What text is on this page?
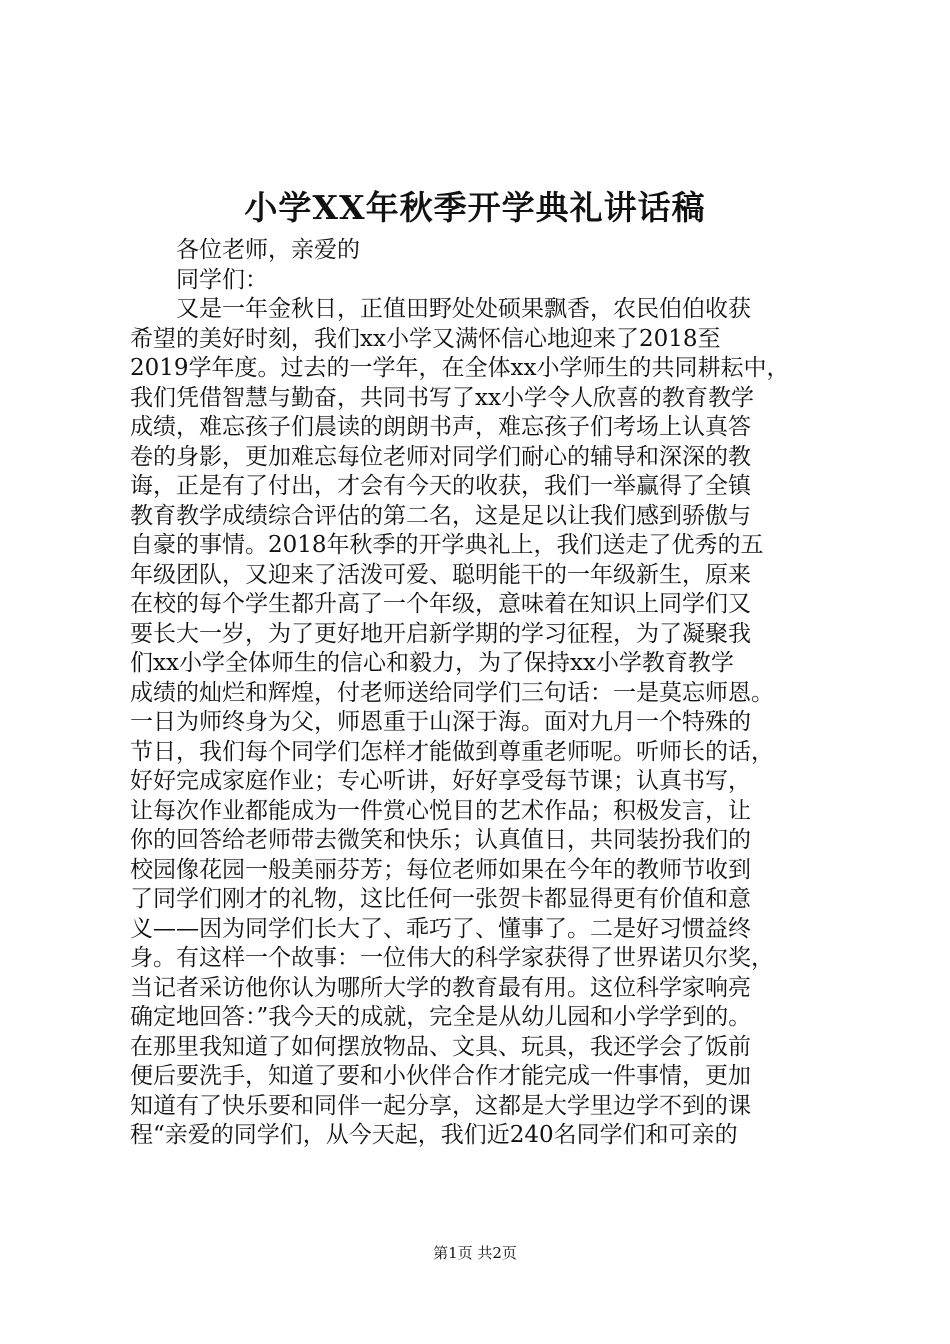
小学XX年秋季开学典礼讲话稿
各位老师，亲爱的
同学们：
又是一年金秋日，正值田野处处硕果飘香，农民伯伯收获
希望的美好时刻，我们xx小学又满怀信心地迎来了2018至
2019学年度。过去的一学年，在全体xx小学师生的共同耕耘中，
我们凭借智慧与勤奋，共同书写了xx小学令人欣喜的教育教学
成绩，难忘孩子们晨读的朗朗书声，难忘孩子们考场上认真答
卷的身影，更加难忘每位老师对同学们耐心的辅导和深深的教
诲，正是有了付出，才会有今天的收获，我们一举赢得了全镇
教育教学成绩综合评估的第二名，这是足以让我们感到骄傲与
自豪的事情。2018年秋季的开学典礼上，我们送走了优秀的五
年级团队，又迎来了活泼可爱、聪明能干的一年级新生，原来
在校的每个学生都升高了一个年级，意味着在知识上同学们又
要长大一岁，为了更好地开启新学期的学习征程，为了凝聚我
们xx小学全体师生的信心和毅力，为了保持xx小学教育教学
成绩的灿烂和辉煌，付老师送给同学们三句话：一是莫忘师恩。
一日为师终身为父，师恩重于山深于海。面对九月一个特殊的
节日，我们每个同学们怎样才能做到尊重老师呢。听师长的话，
好好完成家庭作业；专心听讲，好好享受每节课；认真书写，
让每次作业都能成为一件赏心悦目的艺术作品；积极发言，让
你的回答给老师带去微笑和快乐；认真值日，共同装扮我们的
校园像花园一般美丽芬芳；每位老师如果在今年的教师节收到
了同学们刚才的礼物，这比任何一张贺卡都显得更有价值和意
义——因为同学们长大了、乖巧了、懂事了。二是好习惯益终
身。有这样一个故事：一位伟大的科学家获得了世界诺贝尔奖，
当记者采访他你认为哪所大学的教育最有用。这位科学家响亮
确定地回答：”我今天的成就，完全是从幼儿园和小学学到的。
在那里我知道了如何摆放物品、文具、玩具，我还学会了饭前
便后要洗手，知道了要和小伙伴合作才能完成一件事情，更加
知道有了快乐要和同伴一起分享，这都是大学里边学不到的课
程“亲爱的同学们，从今天起，我们近240名同学们和可亲的
第1页 共2页
